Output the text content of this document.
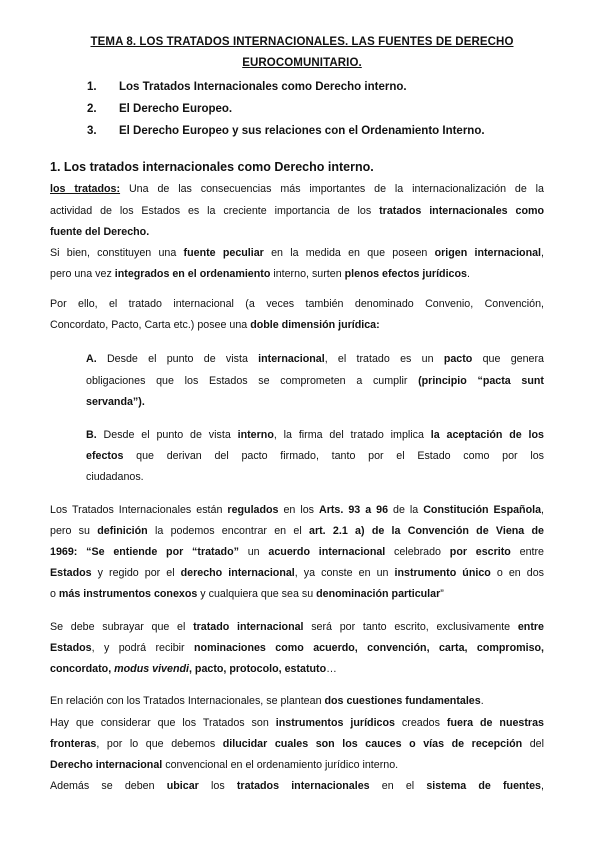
TEMA 8. LOS TRATADOS INTERNACIONALES. LAS FUENTES DE DERECHO
EUROCOMUNITARIO.
1. Los Tratados Internacionales como Derecho interno.
2. El Derecho Europeo.
3. El Derecho Europeo y sus relaciones con el Ordenamiento Interno.
1. Los tratados internacionales como Derecho interno.
los tratados: Una de las consecuencias más importantes de la internacionalización de la
actividad de los Estados es la creciente importancia de los tratados internacionales como
fuente del Derecho.
Si bien, constituyen una fuente peculiar en la medida en que poseen origen internacional,
pero una vez integrados en el ordenamiento interno, surten plenos efectos jurídicos.
Por ello, el tratado internacional (a veces también denominado Convenio, Convención,
Concordato, Pacto, Carta etc.) posee una doble dimensión jurídica:
A. Desde el punto de vista internacional, el tratado es un pacto que genera
obligaciones que los Estados se comprometen a cumplir (principio “pacta sunt
servanda”).
B. Desde el punto de vista interno, la firma del tratado implica la aceptación de los
efectos que derivan del pacto firmado, tanto por el Estado como por los
ciudadanos.
Los Tratados Internacionales están regulados en los Arts. 93 a 96 de la Constitución Española,
pero su definición la podemos encontrar en el art. 2.1 a) de la Convención de Viena de
1969: “Se entiende por “tratado” un acuerdo internacional celebrado por escrito entre
Estados y regido por el derecho internacional, ya conste en un instrumento único o en dos
o más instrumentos conexos y cualquiera que sea su denominación particular”
Se debe subrayar que el tratado internacional será por tanto escrito, exclusivamente entre
Estados, y podrá recibir nominaciones como acuerdo, convención, carta, compromiso,
concordato, modus vivendi, pacto, protocolo, estatuto…
En relación con los Tratados Internacionales, se plantean dos cuestiones fundamentales.
Hay que considerar que los Tratados son instrumentos jurídicos creados fuera de nuestras
fronteras, por lo que debemos dilucidar cuales son los cauces o vías de recepción del
Derecho internacional convencional en el ordenamiento jurídico interno.
Además se deben ubicar los tratados internacionales en el sistema de fuentes,
